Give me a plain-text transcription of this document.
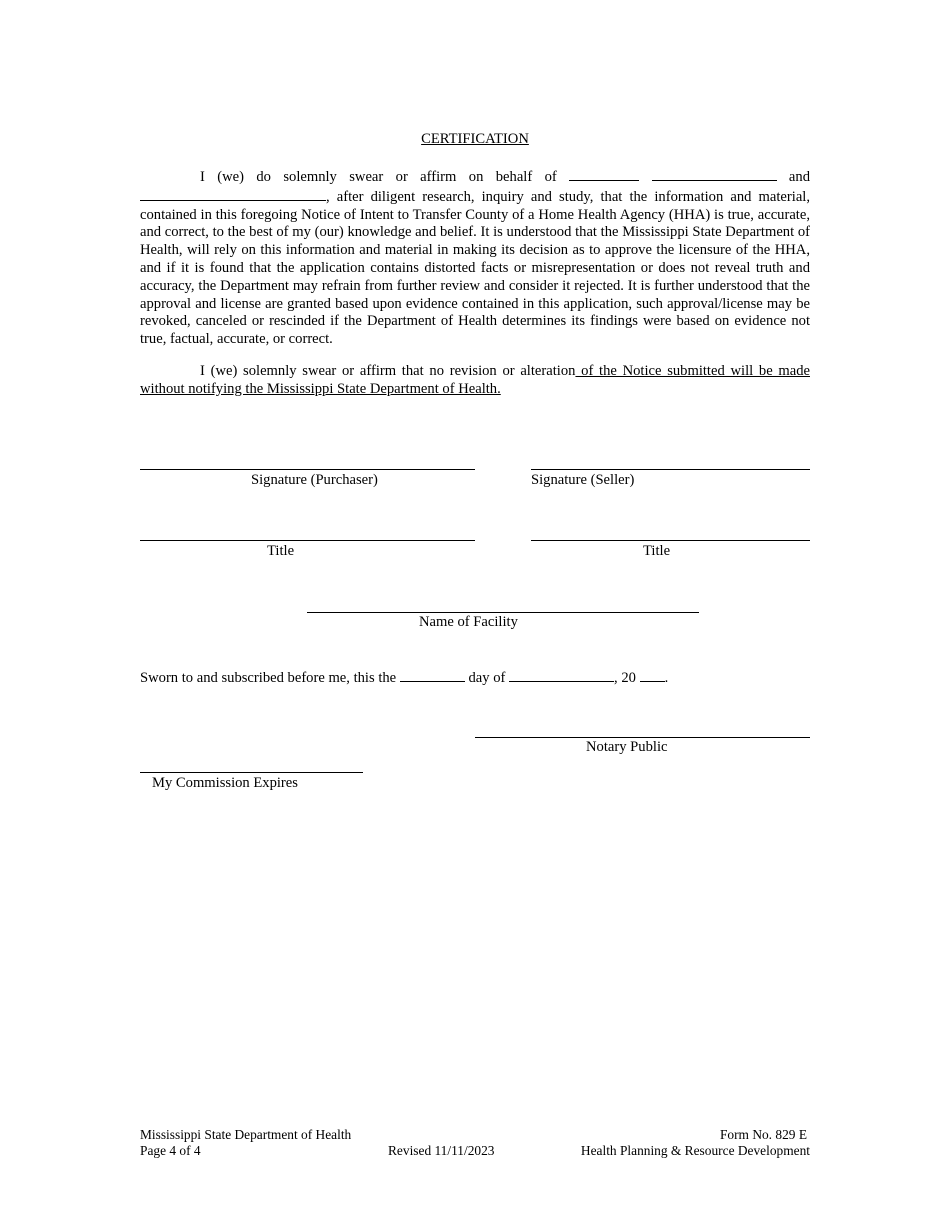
CERTIFICATION
I (we) do solemnly swear or affirm on behalf of	and , after diligent research, inquiry and study, that the information and material, contained in this foregoing Notice of Intent to Transfer County of a Home Health Agency (HHA) is true, accurate, and correct, to the best of my (our) knowledge and belief. It is understood that the Mississippi State Department of Health, will rely on this information and material in making its decision as to approve the licensure of the HHA, and if it is found that the application contains distorted facts or misrepresentation or does not reveal truth and accuracy, the Department may refrain from further review and consider it rejected. It is further understood that the approval and license are granted based upon evidence contained in this application, such approval/license may be revoked, canceled or rescinded if the Department of Health determines its findings were based on evidence not true, factual, accurate, or correct.
I (we) solemnly swear or affirm that no revision or alteration of the Notice submitted will be made without notifying the Mississippi State Department of Health.
Signature (Purchaser)	Signature (Seller)
Title	Title
Name of Facility
Sworn to and subscribed before me, this the	day of	, 20 .
Notary Public
My Commission Expires
Mississippi State Department of Health
Page 4 of 4	Revised 11/11/2023
Form No. 829 E
Health Planning & Resource Development
